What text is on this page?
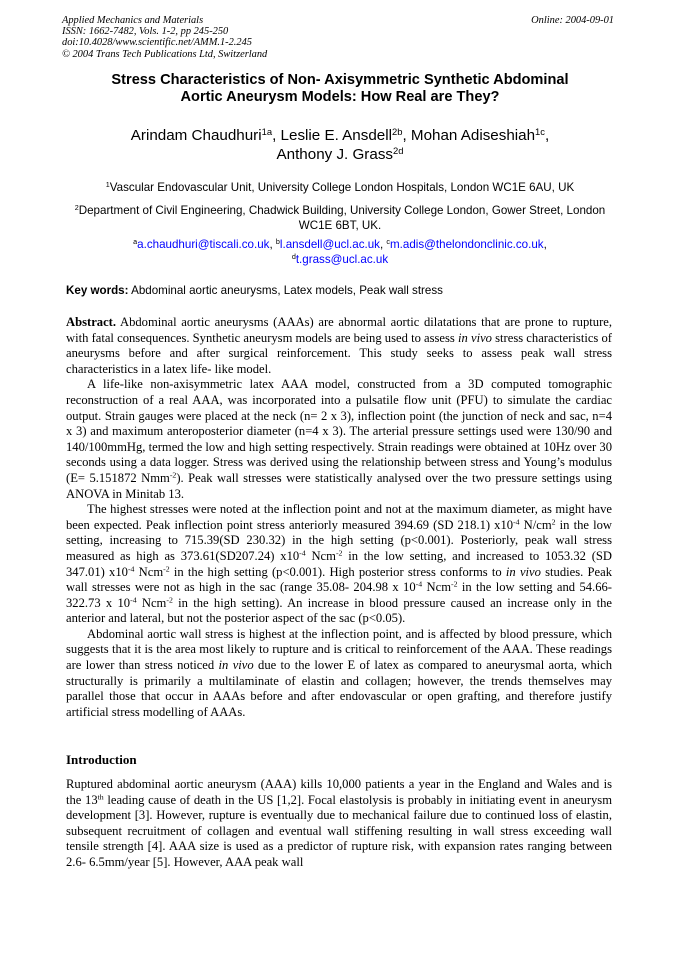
Applied Mechanics and Materials
ISSN: 1662-7482, Vols. 1-2, pp 245-250
doi:10.4028/www.scientific.net/AMM.1-2.245
© 2004 Trans Tech Publications Ltd, Switzerland
Online: 2004-09-01
Stress Characteristics of Non- Axisymmetric Synthetic Abdominal
Aortic Aneurysm Models: How Real are They?
Arindam Chaudhuri$^{1a}$, Leslie E. Ansdell$^{2b}$, Mohan Adiseshiah$^{1c}$,
Anthony J. Grass$^{2d}$
$^1$Vascular Endovascular Unit, University College London Hospitals, London WC1E 6AU, UK
$^2$Department of Civil Engineering, Chadwick Building, University College London, Gower Street, London WC1E 6BT, UK.
$^a$a.chaudhuri@tiscali.co.uk, $^b$l.ansdell@ucl.ac.uk, $^c$m.adis@thelondonclinic.co.uk,
$^d$t.grass@ucl.ac.uk
Key words: Abdominal aortic aneurysms, Latex models, Peak wall stress

Abstract. Abdominal aortic aneurysms (AAAs) are abnormal aortic dilatations that are prone to rupture, with fatal consequences. Synthetic aneurysm models are being used to assess in vivo stress characteristics of aneurysms before and after surgical reinforcement. This study seeks to assess peak wall stress characteristics in a latex life- like model.

A life-like non-axisymmetric latex AAA model, constructed from a 3D computed tomographic reconstruction of a real AAA, was incorporated into a pulsatile flow unit (PFU) to simulate the cardiac output. Strain gauges were placed at the neck (n= 2 x 3), inflection point (the junction of neck and sac, n=4 x 3) and maximum anteroposterior diameter (n=4 x 3). The arterial pressure settings used were 130/90 and 140/100mmHg, termed the low and high setting respectively. Strain readings were obtained at 10Hz over 30 seconds using a data logger. Stress was derived using the relationship between stress and Young’s modulus (E= 5.151872 Nmm$^{-2}$). Peak wall stresses were statistically analysed over the two pressure settings using ANOVA in Minitab 13.

The highest stresses were noted at the inflection point and not at the maximum diameter, as might have been expected. Peak inflection point stress anteriorly measured 394.69 (SD 218.1) $x10^{-4}$ $N/cm^2$ in the low setting, increasing to 715.39(SD 230.32) in the high setting (p<0.001). Posteriorly, peak wall stress measured as high as 373.61(SD207.24) $x10^{-4}$ Ncm$^{-2}$ in the low setting, and increased to 1053.32 (SD 347.01) $x10^{-4}$ Ncm$^{-2}$ in the high setting (p<0.001). High posterior stress conforms to in vivo studies. Peak wall stresses were not as high in the sac (range 35.08- 204.98 x $10^{-4}$ Ncm$^{-2}$ in the low setting and 54.66- 322.73 x $10^{-4}$ Ncm$^{-2}$ in the high setting). An increase in blood pressure caused an increase only in the anterior and lateral, but not the posterior aspect of the sac (p<0.05).

Abdominal aortic wall stress is highest at the inflection point, and is affected by blood pressure, which suggests that it is the area most likely to rupture and is critical to reinforcement of the AAA. These readings are lower than stress noticed in vivo due to the lower E of latex as compared to aneurysmal aorta, which structurally is primarily a multilaminate of elastin and collagen; however, the trends themselves may parallel those that occur in AAAs before and after endovascular or open grafting, and therefore justify artificial stress modelling of AAAs.

Introduction

Ruptured abdominal aortic aneurysm (AAA) kills 10,000 patients a year in the England and Wales and is the 13th leading cause of death in the US [1,2]. Focal elastolysis is probably in initiating event in aneurysm development [3]. However, rupture is eventually due to mechanical failure due to continued loss of elastin, subsequent recruitment of collagen and eventual wall stiffening resulting in wall stress exceeding wall tensile strength [4]. AAA size is used as a predictor of rupture risk, with expansion rates ranging between 2.6- 6.5mm/year [5]. However, AAA peak wall
